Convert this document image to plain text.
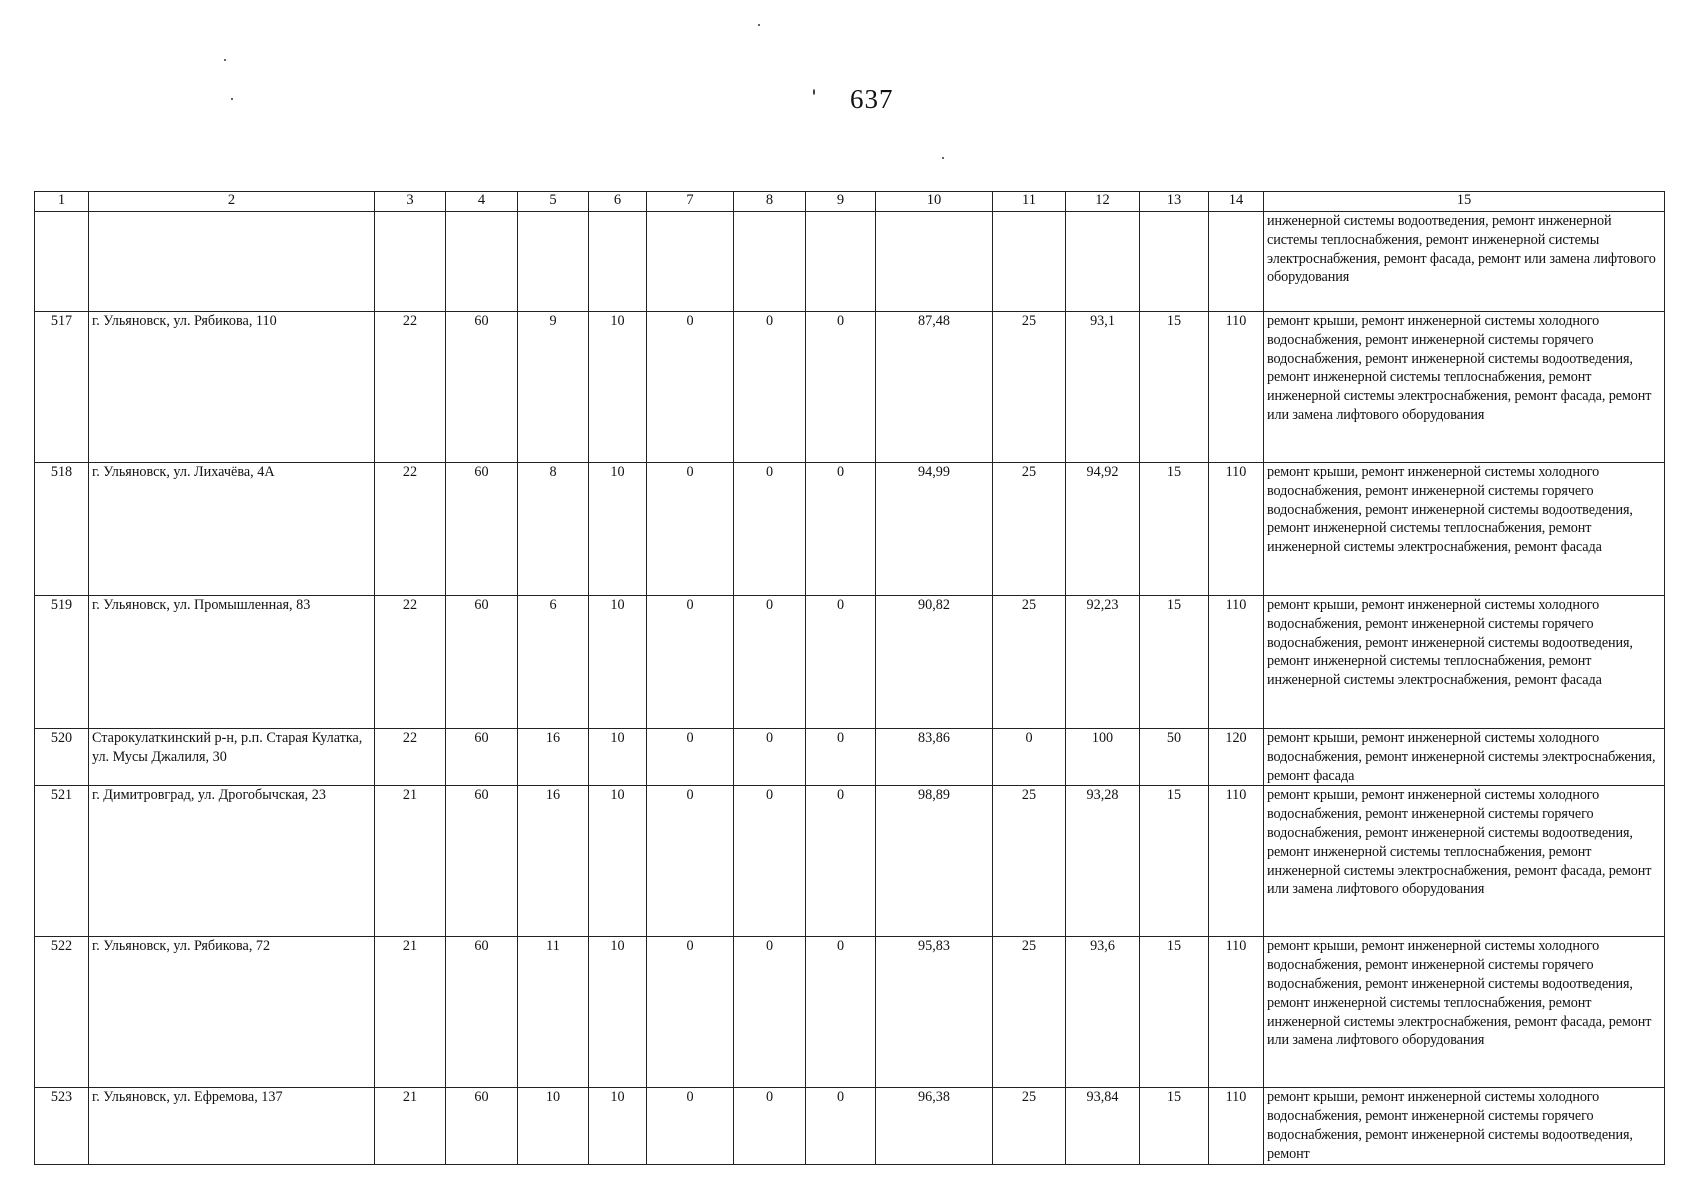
637
1	2	3	4	5	6	7	8	9	10	11	12	13	14	15
														инженерной системы водоотведения, ремонт инженерной системы теплоснабжения, ремонт инженерной системы электроснабжения, ремонт фасада, ремонт или замена лифтового оборудования
517	г. Ульяновск, ул. Рябикова, 110	22	60	9	10	0	0	0	87,48	25	93,1	15	110	ремонт крыши, ремонт инженерной системы холодного водоснабжения, ремонт инженерной системы горячего водоснабжения, ремонт инженерной системы водоотведения, ремонт инженерной системы теплоснабжения, ремонт инженерной системы электроснабжения, ремонт фасада, ремонт или замена лифтового оборудования
518	г. Ульяновск, ул. Лихачёва, 4А	22	60	8	10	0	0	0	94,99	25	94,92	15	110	ремонт крыши, ремонт инженерной системы холодного водоснабжения, ремонт инженерной системы горячего водоснабжения, ремонт инженерной системы водоотведения, ремонт инженерной системы теплоснабжения, ремонт инженерной системы электроснабжения, ремонт фасада
519	г. Ульяновск, ул. Промышленная, 83	22	60	6	10	0	0	0	90,82	25	92,23	15	110	ремонт крыши, ремонт инженерной системы холодного водоснабжения, ремонт инженерной системы горячего водоснабжения, ремонт инженерной системы водоотведения, ремонт инженерной системы теплоснабжения, ремонт инженерной системы электроснабжения, ремонт фасада
520	Старокулаткинский р-н, р.п. Старая Кулатка, ул. Мусы Джалиля, 30	22	60	16	10	0	0	0	83,86	0	100	50	120	ремонт крыши, ремонт инженерной системы холодного водоснабжения, ремонт инженерной системы электроснабжения, ремонт фасада
521	г. Димитровград, ул. Дрогобычская, 23	21	60	16	10	0	0	0	98,89	25	93,28	15	110	ремонт крыши, ремонт инженерной системы холодного водоснабжения, ремонт инженерной системы горячего водоснабжения, ремонт инженерной системы водоотведения, ремонт инженерной системы теплоснабжения, ремонт инженерной системы электроснабжения, ремонт фасада, ремонт или замена лифтового оборудования
522	г. Ульяновск, ул. Рябикова, 72	21	60	11	10	0	0	0	95,83	25	93,6	15	110	ремонт крыши, ремонт инженерной системы холодного водоснабжения, ремонт инженерной системы горячего водоснабжения, ремонт инженерной системы водоотведения, ремонт инженерной системы теплоснабжения, ремонт инженерной системы электроснабжения, ремонт фасада, ремонт или замена лифтового оборудования
523	г. Ульяновск, ул. Ефремова, 137	21	60	10	10	0	0	0	96,38	25	93,84	15	110	ремонт крыши, ремонт инженерной системы холодного водоснабжения, ремонт инженерной системы горячего водоснабжения, ремонт инженерной системы водоотведения, ремонт
